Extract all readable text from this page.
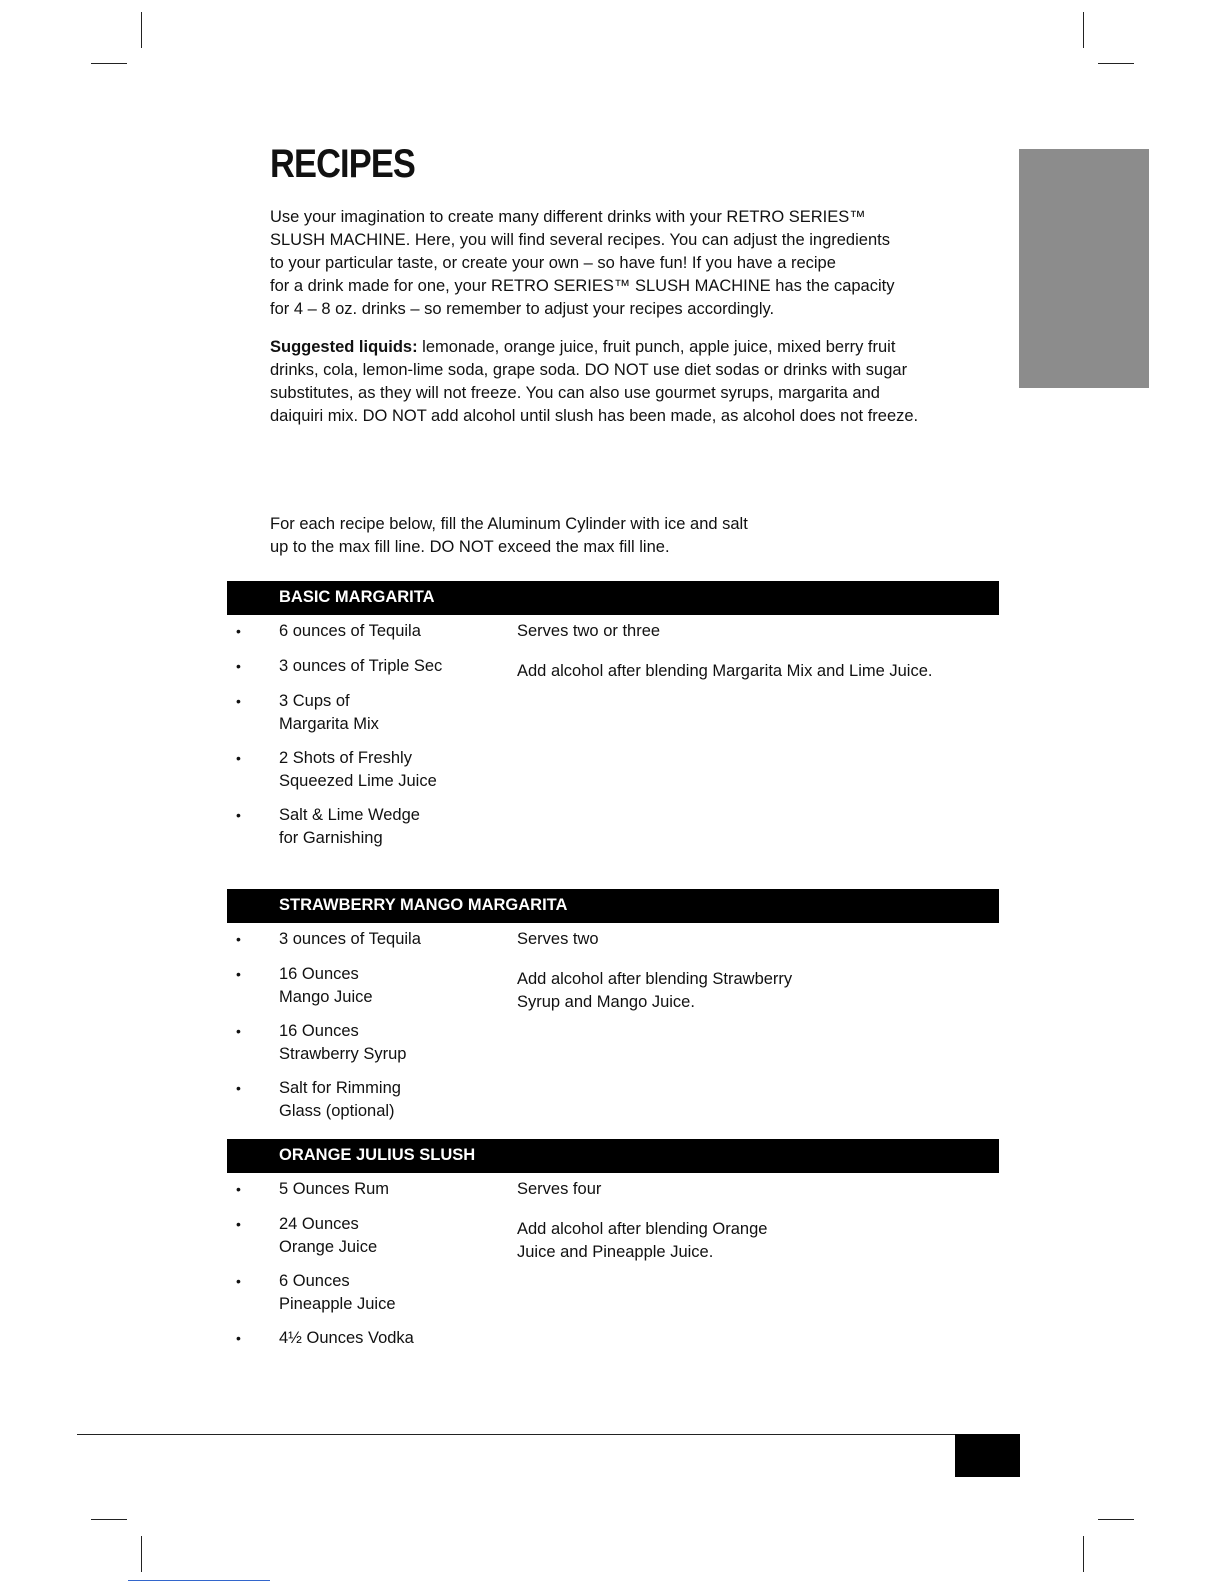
RECIPES

Use your imagination to create many different drinks with your RETRO SERIES™
SLUSH MACHINE. Here, you will find several recipes. You can adjust the ingredients
to your particular taste, or create your own – so have fun! If you have a recipe
for a drink made for one, your RETRO SERIES™ SLUSH MACHINE has the capacity
for 4 – 8 oz. drinks – so remember to adjust your recipes accordingly.

Suggested liquids: lemonade, orange juice, fruit punch, apple juice, mixed berry fruit
drinks, cola, lemon-lime soda, grape soda. DO NOT use diet sodas or drinks with sugar
substitutes, as they will not freeze. You can also use gourmet syrups, margarita and
daiquiri mix. DO NOT add alcohol until slush has been made, as alcohol does not freeze.

For each recipe below, fill the Aluminum Cylinder with ice and salt
up to the max fill line. DO NOT exceed the max fill line.

BASIC MARGARITA
• 6 ounces of Tequila
• 3 ounces of Triple Sec
• 3 Cups of
Margarita Mix
• 2 Shots of Freshly
Squeezed Lime Juice
• Salt & Lime Wedge
for Garnishing
Serves two or three
Add alcohol after blending Margarita Mix and Lime Juice.
STRAWBERRY MANGO MARGARITA
• 3 ounces of Tequila
• 16 Ounces
Mango Juice
• 16 Ounces
Strawberry Syrup
• Salt for Rimming
Glass (optional)
Serves two
Add alcohol after blending Strawberry
Syrup and Mango Juice.
ORANGE JULIUS SLUSH
• 5 Ounces Rum
• 24 Ounces
Orange Juice
• 6 Ounces
Pineapple Juice
• 4½ Ounces Vodka
Serves four
Add alcohol after blending Orange
Juice and Pineapple Juice.
